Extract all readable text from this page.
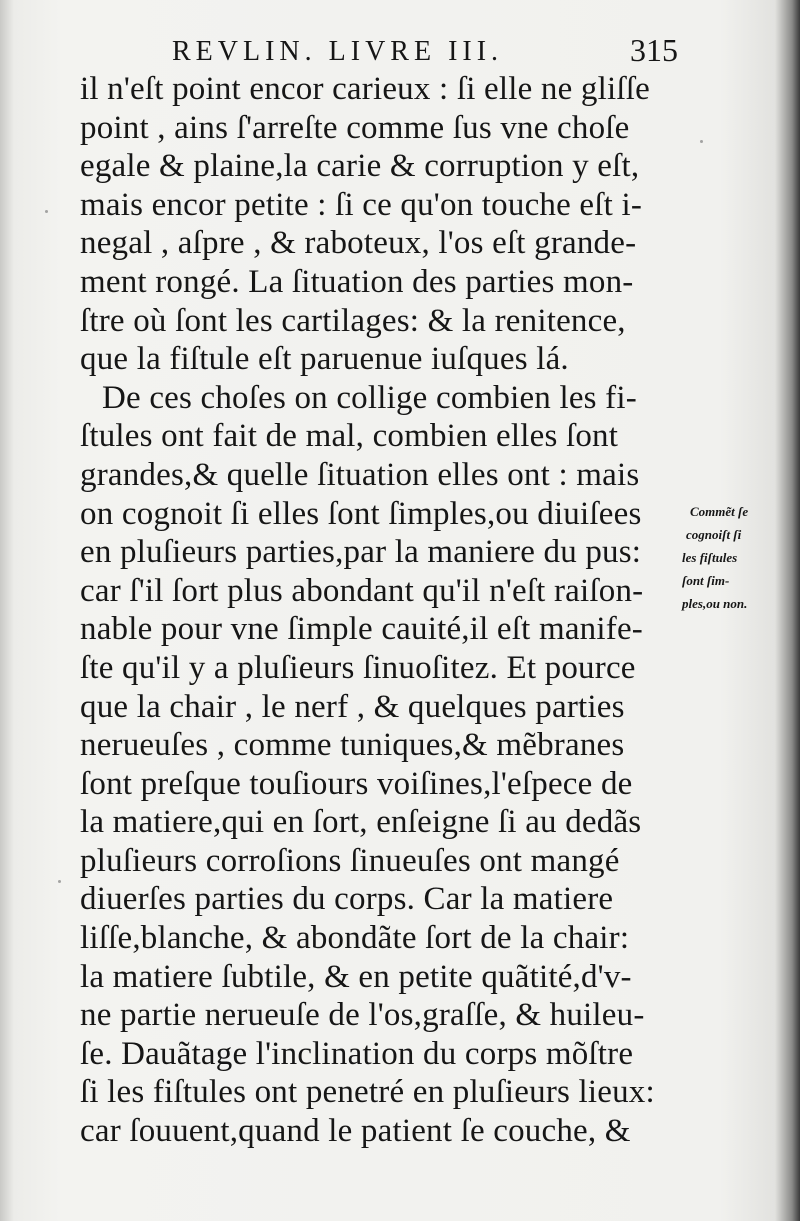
REVLIN. LIVRE III.	315
il n'eſt point encor carieux : ſi elle ne gliſſe
point , ains ſ'arreſte comme ſus vne choſe
egale & plaine,la carie & corruption y eſt,
mais encor petite : ſi ce qu'on touche eſt i-
negal , aſpre , & raboteux, l'os eſt grande-
ment rongé. La ſituation des parties mon-
ſtre où ſont les cartilages: & la renitence,
que la fiſtule eſt paruenue iuſques lá.
De ces choſes on collige combien les fi-
ſtules ont fait de mal, combien elles ſont
grandes,& quelle ſituation elles ont : mais
on cognoit ſi elles ſont ſimples,ou diuiſees
en pluſieurs parties,par la maniere du pus:
car ſ'il ſort plus abondant qu'il n'eſt raiſon-
nable pour vne ſimple cauité,il eſt manife-
ſte qu'il y a pluſieurs ſinuoſitez. Et pource
que la chair , le nerf , & quelques parties
nerueuſes , comme tuniques,& mẽbranes
ſont preſque touſiours voiſines,l'eſpece de
la matiere,qui en ſort, enſeigne ſi au dedãs
pluſieurs corroſions ſinueuſes ont mangé
diuerſes parties du corps. Car la matiere
liſſe,blanche, & abondãte ſort de la chair:
la matiere ſubtile, & en petite quãtité,d'v-
ne partie nerueuſe de l'os,graſſe, & huileu-
ſe. Dauãtage l'inclination du corps mõſtre
ſi les fiſtules ont penetré en pluſieurs lieux:
car ſouuent,quand le patient ſe couche, &
Commẽt ſe
cognoiſt ſi
les fiſtules
ſont ſim-
ples,ou non.
